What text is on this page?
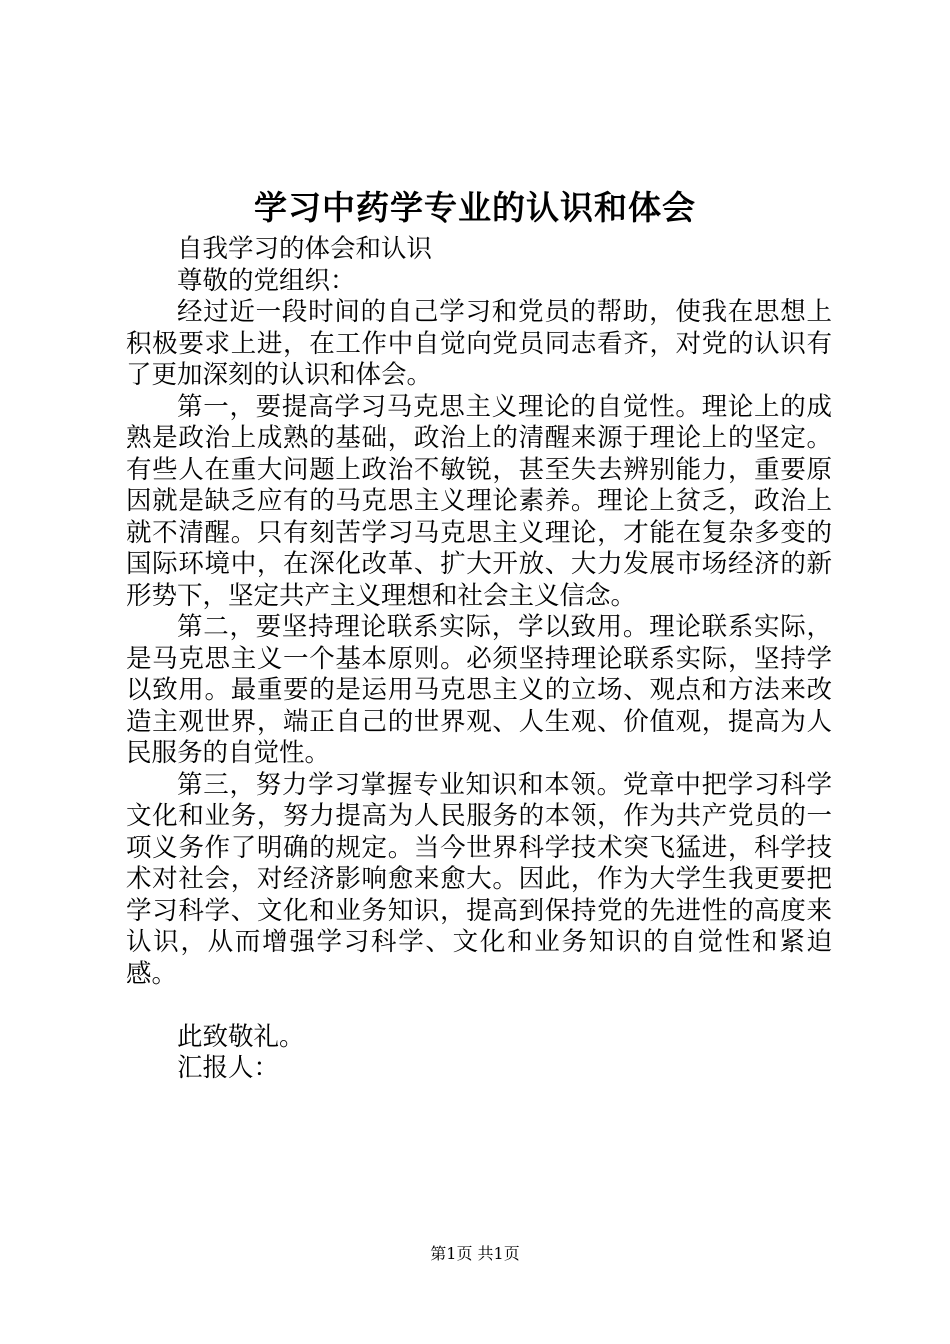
学习中药学专业的认识和体会

自我学习的体会和认识

尊敬的党组织：

经过近一段时间的自己学习和党员的帮助，使我在思想上积极要求上进，在工作中自觉向党员同志看齐，对党的认识有了更加深刻的认识和体会。

第一，要提高学习马克思主义理论的自觉性。理论上的成熟是政治上成熟的基础，政治上的清醒来源于理论上的坚定。有些人在重大问题上政治不敏锐，甚至失去辨别能力，重要原因就是缺乏应有的马克思主义理论素养。理论上贫乏，政治上就不清醒。只有刻苦学习马克思主义理论，才能在复杂多变的国际环境中，在深化改革、扩大开放、大力发展市场经济的新形势下，坚定共产主义理想和社会主义信念。

第二，要坚持理论联系实际，学以致用。理论联系实际，是马克思主义一个基本原则。必须坚持理论联系实际，坚持学以致用。最重要的是运用马克思主义的立场、观点和方法来改造主观世界，端正自己的世界观、人生观、价值观，提高为人民服务的自觉性。

第三，努力学习掌握专业知识和本领。党章中把学习科学文化和业务，努力提高为人民服务的本领，作为共产党员的一项义务作了明确的规定。当今世界科学技术突飞猛进，科学技术对社会，对经济影响愈来愈大。因此，作为大学生我更要把学习科学、文化和业务知识，提高到保持党的先进性的高度来认识，从而增强学习科学、文化和业务知识的自觉性和紧迫感。

此致敬礼。

汇报人：

第1页 共1页
